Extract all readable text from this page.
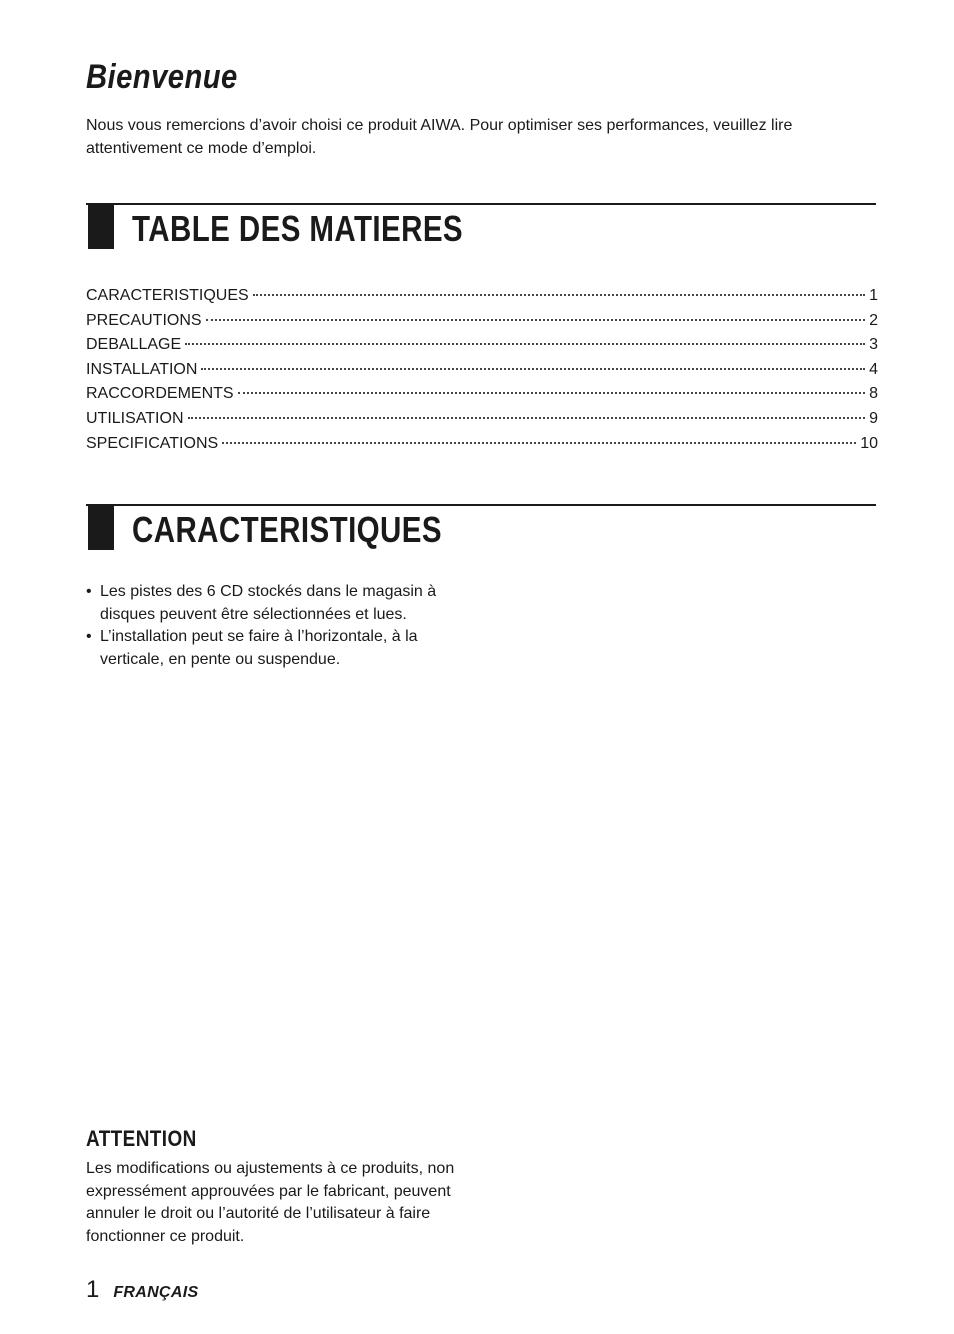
Bienvenue

Nous vous remercions d’avoir choisi ce produit AIWA. Pour optimiser ses performances, veuillez lire attentivement ce mode d’emploi.

TABLE DES MATIERES
CARACTERISTIQUES	1
PRECAUTIONS	2
DEBALLAGE	3
INSTALLATION	4
RACCORDEMENTS	8
UTILISATION	9
SPECIFICATIONS	10
CARACTERISTIQUES
• Les pistes des 6 CD stockés dans le magasin à disques peuvent être sélectionnées et lues.
• L’installation peut se faire à l’horizontale, à la verticale, en pente ou suspendue.
ATTENTION

Les modifications ou ajustements à ce produits, non expressément approuvées par le fabricant, peuvent annuler le droit ou l’autorité de l’utilisateur à faire fonctionner ce produit.

1 FRANÇAIS
